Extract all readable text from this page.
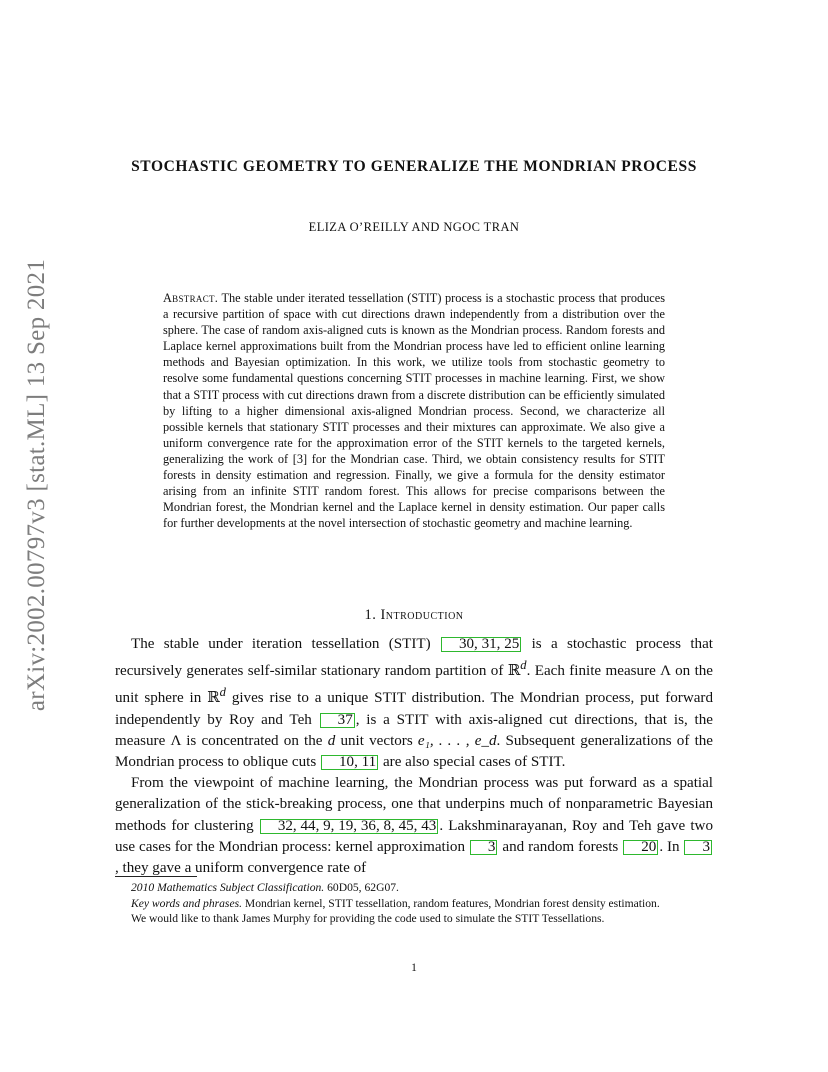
arXiv:2002.00797v3 [stat.ML] 13 Sep 2021
STOCHASTIC GEOMETRY TO GENERALIZE THE MONDRIAN PROCESS
ELIZA O’REILLY AND NGOC TRAN
Abstract. The stable under iterated tessellation (STIT) process is a stochastic process that produces a recursive partition of space with cut directions drawn independently from a distribution over the sphere. The case of random axis-aligned cuts is known as the Mondrian process. Random forests and Laplace kernel approximations built from the Mondrian process have led to efficient online learning methods and Bayesian optimization. In this work, we utilize tools from stochastic geometry to resolve some fundamental questions concerning STIT processes in machine learning. First, we show that a STIT process with cut directions drawn from a discrete distribution can be efficiently simulated by lifting to a higher dimensional axis-aligned Mondrian process. Second, we characterize all possible kernels that stationary STIT processes and their mixtures can approximate. We also give a uniform convergence rate for the approximation error of the STIT kernels to the targeted kernels, generalizing the work of [3] for the Mondrian case. Third, we obtain consistency results for STIT forests in density estimation and regression. Finally, we give a formula for the density estimator arising from an infinite STIT random forest. This allows for precise comparisons between the Mondrian forest, the Mondrian kernel and the Laplace kernel in density estimation. Our paper calls for further developments at the novel intersection of stochastic geometry and machine learning.
1. Introduction

The stable under iteration tessellation (STIT) 30, 31, 25 is a stochastic process that recursively generates self-similar stationary random partition of ℝ$^d$. Each finite measure Λ on the unit sphere in ℝ$^d$ gives rise to a unique STIT distribution. The Mondrian process, put forward independently by Roy and Teh 37 , is a STIT with axis-aligned cut directions, that is, the measure Λ is concentrated on the d unit vectors e₁, . . . , e_d. Subsequent generalizations of the Mondrian process to oblique cuts 10, 11 are also special cases of STIT.

From the viewpoint of machine learning, the Mondrian process was put forward as a spatial generalization of the stick-breaking process, one that underpins much of nonparametric Bayesian methods for clustering 32, 44, 9, 19, 36, 8, 45, 43 . Lakshminarayanan, Roy and Teh gave two use cases for the Mondrian process: kernel approximation 3 and random forests 20 . In 3, they gave a uniform convergence rate of

2010 Mathematics Subject Classification. 60D05, 62G07.

Key words and phrases. Mondrian kernel, STIT tessellation, random features, Mondrian forest density estimation.

We would like to thank James Murphy for providing the code used to simulate the STIT Tessellations.

1
